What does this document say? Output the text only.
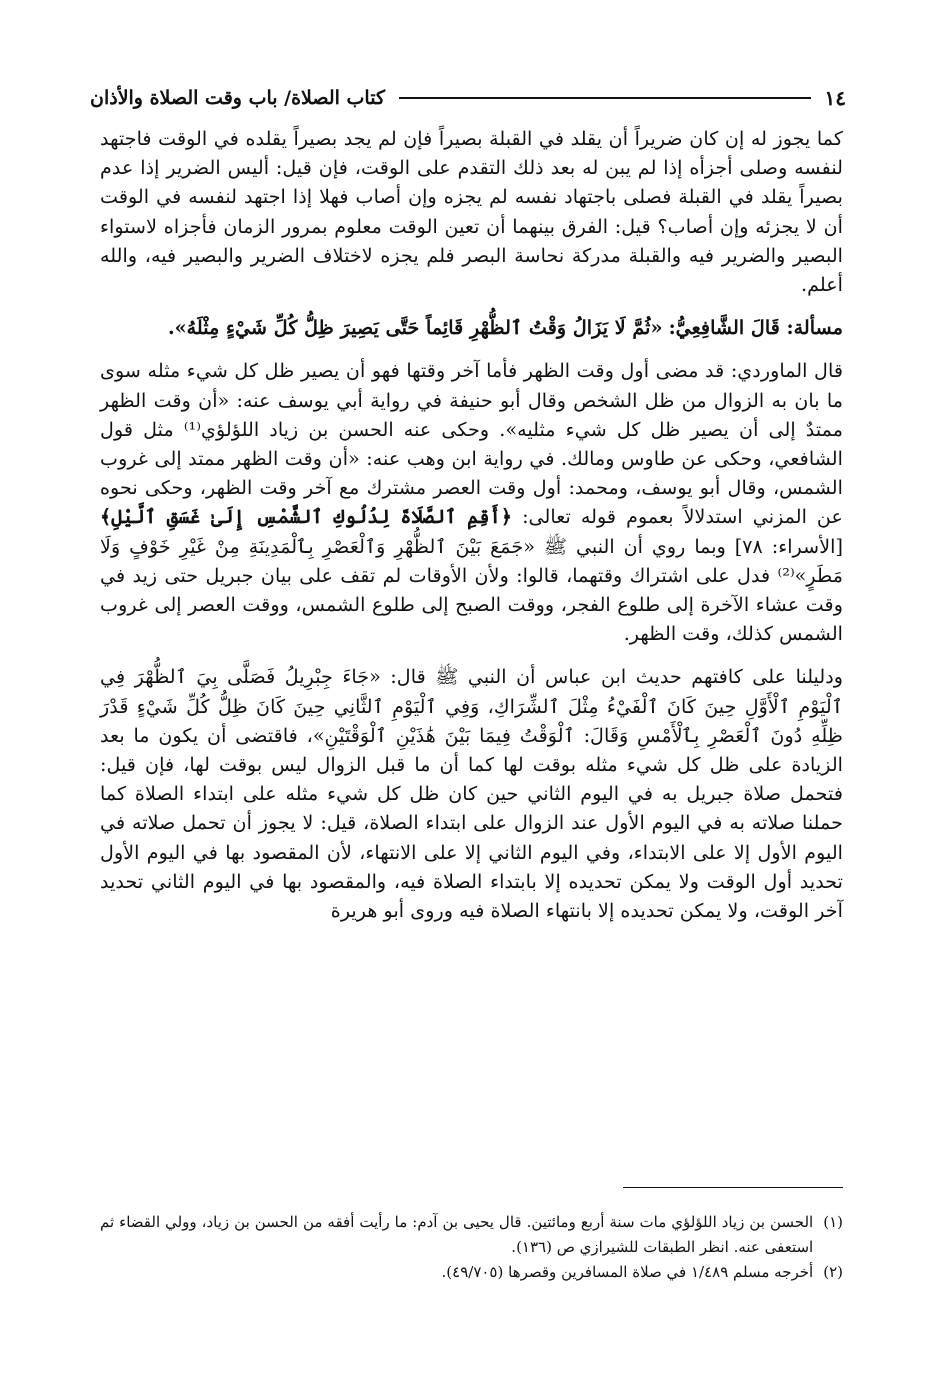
١٤
كتاب الصلاة/ باب وقت الصلاة والأذان

كما يجوز له إن كان ضريراً أن يقلد في القبلة بصيراً فإن لم يجد بصيراً يقلده في الوقت فاجتهد لنفسه وصلى أجزأه إذا لم يبن له بعد ذلك التقدم على الوقت، فإن قيل: أليس الضرير إذا عدم بصيراً يقلد في القبلة فصلى باجتهاد نفسه لم يجزه وإن أصاب فهلا إذا اجتهد لنفسه في الوقت أن لا يجزئه وإن أصاب؟ قيل: الفرق بينهما أن تعين الوقت معلوم بمرور الزمان فأجزاه لاستواء البصير والضرير فيه والقبلة مدركة نحاسة البصر فلم يجزه لاختلاف الضرير والبصير فيه، والله أعلم.

مسألة: قَالَ الشَّافِعِيُّ: «ثُمَّ لَا يَزَالُ وَقْتُ ٱلظُّهْرِ قَائِماً حَتَّى يَصِيرَ ظِلُّ كُلِّ شَيْءٍ مِثْلَهُ».

قال الماوردي: قد مضى أول وقت الظهر فأما آخر وقتها فهو أن يصير ظل كل شيء مثله سوى ما بان به الزوال من ظل الشخص وقال أبو حنيفة في رواية أبي يوسف عنه: «أن وقت الظهر ممتدٌ إلى أن يصير ظل كل شيء مثليه». وحكى عنه الحسن بن زياد اللؤلؤي⁽¹⁾ مثل قول الشافعي، وحكى عن طاوس ومالك. في رواية ابن وهب عنه: «أن وقت الظهر ممتد إلى غروب الشمس، وقال أبو يوسف، ومحمد: أول وقت العصر مشترك مع آخر وقت الظهر، وحكى نحوه عن المزني استدلالاً بعموم قوله تعالى: ﴿أَقِمِ ٱلصَّلَاةَ لِدُلُوكِ ٱلشَّمْسِ إِلَىٰ غَسَقِ ٱلَّيْلِ﴾ [الأسراء: ٧٨] وبما روي أن النبي ﷺ «جَمَعَ بَيْنَ ٱلظُّهْرِ وَٱلْعَصْرِ بِٱلْمَدِينَةِ مِنْ غَيْرِ خَوْفٍ وَلَا مَطَرٍ»⁽²⁾ فدل على اشتراك وقتهما، قالوا: ولأن الأوقات لم تقف على بيان جبريل حتى زيد في وقت عشاء الآخرة إلى طلوع الفجر، ووقت الصبح إلى طلوع الشمس، ووقت العصر إلى غروب الشمس كذلك، وقت الظهر.

ودليلنا على كافتهم حديث ابن عباس أن النبي ﷺ قال: «جَاءَ جِبْرِيلُ فَصَلَّى بِيَ ٱلظُّهْرَ فِي ٱلْيَوْمِ ٱلْأَوَّلِ حِينَ كَانَ ٱلْفَيْءُ مِثْلَ ٱلشِّرَاكِ، وَفِي ٱلْيَوْمِ ٱلثَّانِي حِينَ كَانَ ظِلُّ كُلِّ شَيْءٍ قَدْرَ ظِلِّهِ دُونَ ٱلْعَصْرِ بِٱلْأَمْسِ وَقَالَ: ٱلْوَقْتُ فِيمَا بَيْنَ هَٰذَيْنِ ٱلْوَقْتَيْنِ»، فاقتضى أن يكون ما بعد الزيادة على ظل كل شيء مثله بوقت لها كما أن ما قبل الزوال ليس بوقت لها، فإن قيل: فتحمل صلاة جبريل به في اليوم الثاني حين كان ظل كل شيء مثله على ابتداء الصلاة كما حملنا صلاته به في اليوم الأول عند الزوال على ابتداء الصلاة، قيل: لا يجوز أن تحمل صلاته في اليوم الأول إلا على الابتداء، وفي اليوم الثاني إلا على الانتهاء، لأن المقصود بها في اليوم الأول تحديد أول الوقت ولا يمكن تحديده إلا بابتداء الصلاة فيه، والمقصود بها في اليوم الثاني تحديد آخر الوقت، ولا يمكن تحديده إلا بانتهاء الصلاة فيه وروى أبو هريرة

(١)
الحسن بن زياد اللؤلؤي مات سنة أربع ومائتين. قال يحيى بن آدم: ما رأيت أفقه من الحسن بن زياد، وولي القضاء ثم استعفى عنه. انظر الطبقات للشيرازي ص (١٣٦).
(٢)
أخرجه مسلم ١/٤٨٩ في صلاة المسافرين وقصرها (٤٩/٧٠٥).
